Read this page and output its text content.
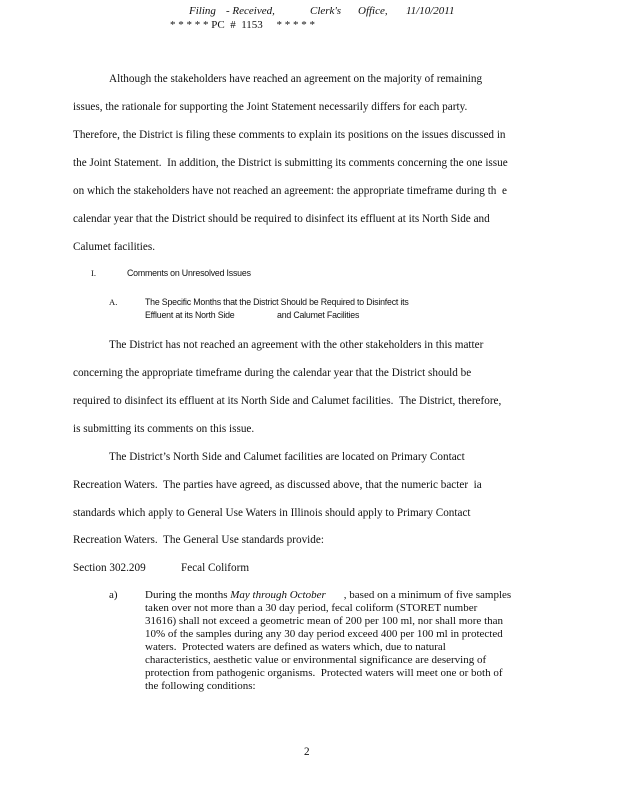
Filing - Received,	Clerk's Office, 11/10/2011
* * * * * PC  #  1153     * * * * *
Although the stakeholders have reached an agreement on the majority of remaining
issues, the rationale for supporting the Joint Statement necessarily differs for each party.
Therefore, the District is filing these comments to explain its positions on the issues discussed in
the Joint Statement.  In addition, the District is submitting its comments concerning the one issue
on which the stakeholders have not reached an agreement: the appropriate timeframe during th  e
calendar year that the District should be required to disinfect its effluent at its North Side and
Calumet facilities.
I.	Comments on Unresolved Issues
A.	The Specific Months that the District Should be Required to Disinfect its
Effluent at its North Side	and Calumet Facilities
The District has not reached an agreement with the other stakeholders in this matter
concerning the appropriate timeframe during the calendar year that the District should be
required to disinfect its effluent at its North Side and Calumet facilities.  The District, therefore,
is submitting its comments on this issue.
The District’s North Side and Calumet facilities are located on Primary Contact
Recreation Waters.  The parties have agreed, as discussed above, that the numeric bacter  ia
standards which apply to General Use Waters in Illinois should apply to Primary Contact
Recreation Waters.  The General Use standards provide:
Section 302.209	Fecal Coliform
a) During the months May through October , based on a minimum of five samples
taken over not more than a 30 day period, fecal coliform (STORET number
31616) shall not exceed a geometric mean of 200 per 100 ml, nor shall more than
10% of the samples during any 30 day period exceed 400 per 100 ml in protected
waters.  Protected waters are defined as waters which, due to natural
characteristics, aesthetic value or environmental significance are deserving of
protection from pathogenic organisms.  Protected waters will meet one or both of
the following conditions:
2
